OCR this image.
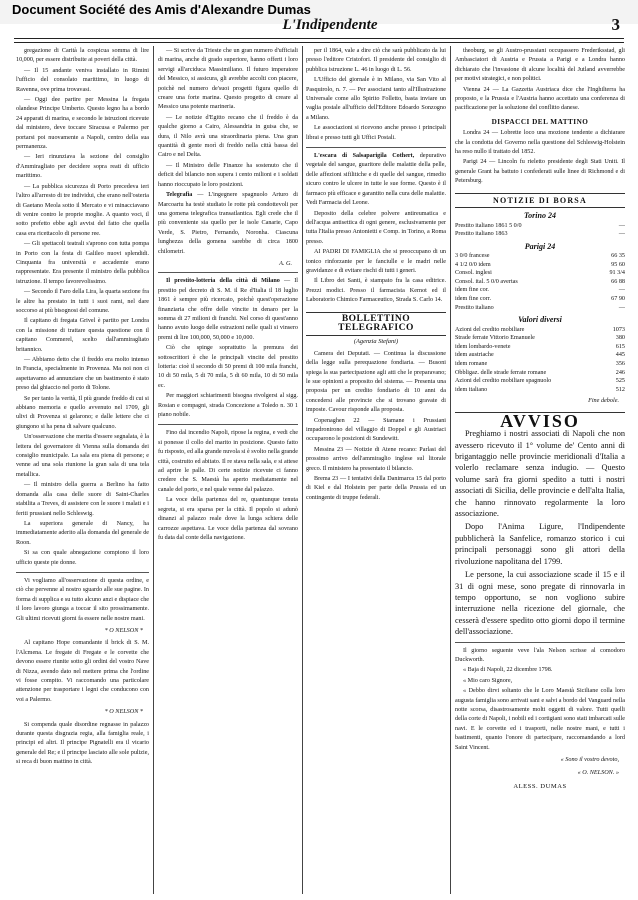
Document Société des Amis d'Alexandre Dumas
L'Indipendente	3

gregazione di Carità la cospicua somma di lire 10,000, per essere distribuite ai poveri della città.

— Il 15 andante veniva installato in Rimini l'ufficio del consolato marittimo, in luogo di Ravenna, ove prima trovavasi.

— Oggi dee partire per Messina la fregata olandese Principe Umberto. Questo legno ha a bordo 24 apparati di marina, e secondo le istruzioni ricevute dal ministero, deve toccare Siracusa e Palermo per portarsi poi nuovamente a Napoli, centro della sua permanenza.

— Ieri rinunziava la sezione del consiglio d'Ammiragliato per decidere sopra reati di ufficio marittimo.

— La pubblica sicurezza di Porto precedeva ieri l'altro all'arresto di tre individui, che erano nell'osteria di Gaetano Meola sotto il Mercato e vi minacciavano di venire contro le proprie moglie. A quanto voci, il sotto prefetto ebbe agli avvisi del fatto che quella casa era ricettacolo di persone ree.

— Gli spettacoli teatrali s'aprono con tutta pompa in Porto con la festa di Galileo nuovi splendidi. Cinquanta fra università e accademie erano rappresentate. Era presente il ministro della pubblica istruzione. Il tempo favorevolissimo.

— Secondo il Faro della Lira, la quarta sezione fra le altre ha prestato in tutti i suoi rami, nel dare soccorso ai più bisognosi del comune.

Il capitano di fregata Grivel è partito per Londra con la missione di trattare questa questione con il capitano Commerel, scelto dall'ammiragliato britannico.

— Abbiamo detto che il freddo era molto intenso in Francia, specialmente in Provenza. Ma noi non ci aspettavamo ad annunziare che un bastimento è stato preso dal ghiaccio nel porto di Tolone.

Se per tanto la verità, Il più grande freddo di cui si abbiano memoria e quello avvenuto nel 1709, gli ulivi di Provenza si gelarono; e dalle lettere che ci giungono si ha pena di salvare qualcuno.

Un'osservazione che merita d'essere segnalata, è la lettera del governatore di Vienna sulla domanda dei consiglio municipale. La sala era piena di persone; e venne ad una sola riunione la gran sala di una tela metallica.

— Il ministro della guerra a Berlino ha fatto domanda alla casa delle suore di Saint-Charles stabilita a Treves, di assistere con le suore i malati e i feriti prussiani nello Schleswig.

La superiora generale di Nancy, ha immediatamente aderito alla domanda del generale de Roon.

Si sa con quale abnegazione compiono il loro ufficio queste pie donne.

Vi vogliamo all'osservazione di questa ordine, e ciò che pervenne al nostro sguardo alle sue pagine. In forma di supplica e su tutto alcuno anzi e dispiace che il loro lavoro giunga a toccar il sito prossimamente. Gli ultimi ricevuti giorni fa essere nelle nostre mani.

* O NELSON *

Al capitano Hope comandante il brick di S. M. l'Alcmena. Le fregate di Fregate e le corvette che devono essere riunite sotto gli ordini del vostro Nave di Nizza, avendo dato nel mettere prima che l'ordine vi fosse compito. Vi raccomando una particolare attenzione per trasportare i legni che conducono con voi a Palermo.

* O NELSON *

Si compenda quale disordine regnasse in palazzo durante questa disgrazia regia, alla famiglia reale, i principi ed altri. Il principe Pignatelli era il vicario generale del Re; e il principe lasciato alle sole pulizie, si reca di buon mattino in città.

— Si scrive da Trieste che un gran numero d'ufficiali di marina, anche di grado superiore, hanno offerti i loro servigi all'arciduca Massimiliano. Il futuro imperatore del Messico, si assicura, gli avrebbe accolti con piacere, poichè nel numero de'suoi progetti figura quello di creare una forte marina. Questo progetto di creare al Messico una potente marineria.

— Le notizie d'Egitto recano che il freddo è da qualche giorno a Cairo, Alessandria in guisa che, se dura, il Nilo avrà una straordinaria piena. Una gran quantità di gente morì di freddo nella città bassa del Cairo e nel Delta.

— Il Ministro delle Finanze ha sostenuto che il deficit del bilancio non supera i cento milioni e i soldati hanno rioccupato le loro posizioni.

Telegrafia — L'ingegnere spagnuolo Arturo di Marcoartu ha testè studiato le rotte più condottevoli per una gomena telegrafica transatlantica. Egli crede che il più conveniente sia quello per le isole Canarie, Capo Verde, S. Pietro, Fernando, Noronha. Ciascuna lunghezza della gomena sarebbe di circa 1800 chilometri.

A. G.

Il prestito-lotteria della città di Milano — Il prestito pel decreto di S. M. il Re d'Italia il 18 luglio 1861 è sempre più ricercato, poichè quest'operazione finanziaria che offre delle vincite in denaro per la somma di 27 milioni di franchi. Nel corso di quest'anno hanno avuto luogo delle estrazioni nelle quali si vinsero premi di lire 100,000, 50,000 e 10,000.

Ciò che spinge soprattutto la premura dei sottoscrittori è che le principali vincite del prestito lotteria: cioè il secondo di 50 premi di 100 mila franchi, 10 di 50 mila, 5 di 70 mila, 5 di 60 mila, 10 di 50 mila ec.

Per maggiori schiarimenti bisogna rivolgersi al sigg. Rosian e compagni, strada Concezione a Toledo n. 30 1 piano nobile.

Fino dal incendio Napoli, ripose la regina, e vedi che si ponesse il collo del marito in posizione. Questo fatto fu risposto, ed alla grande nuvola si è svolto nella grande città, costruito ed abitato. Il re stava nella sala, e si attese ad aprire le palle. Di certe notizie ricevute ci fanno credere che S. Maestà ha aperto mediatamente nel canale del porto, e nel quale venne dal palazzo.

La voce della partenza del re, quantunque tenuta segreta, si era sparsa per la città. Il popolo si adunò dinanzi al palazzo reale dove la lunga schiera delle carrozze aspettava. Le voce della partenza dal sovrano fu data dal conte della navigazione.

per il 1864, vale a dire ciò che sarà pubblicato da lui presso l'editore Cristofori. Il presidente del consiglio di pubblica istruzione L. 46 in luogo di L. 56.

L'Ufficio del giornale è in Milano, via San Vito al Pasquirolo, n. 7. — Per associarsi tanto all'Illustrazione Universale come allo Spirito Folletto, basta inviare un vaglia postale all'ufficio dell'Editore Edoardo Sonzogno a Milano.

Le associazioni si ricevono anche presso i principali librai e presso tutti gli Uffici Postali.

L'escara di Salsaparigila Cothert, depurativo vegetale del sangue, guaritore delle malattie della pelle, delle affezioni sifilitiche e di quelle del sangue, rimedio sicuro contro le ulcere in tutte le sue forme. Questo è il farmaco più efficace e garantito nella cura delle malattie. Vedi Farmacia del Leone.

Deposito della celebre polvere antireumatica e dell'acqua antisettica di ogni genere, esclusivamente per tutta l'Italia presso Antonietti e Comp. in Torino, a Roma presso.

AI PADRI DI FAMIGLIA che si preoccupano di un tonico rinforzante per le fanciulle e le madri nelle gravidanze e di evitare rischi di tutti i generi.

Il Libro dei Santi, è stampato fra la casa editrice. Prezzi modici. Presso il farmacista Kernot ed il Laboratorio Chimico Farmaceutico, Strada S. Carlo 14.

BOLLETTINO TELEGRAFICO
(Agenzia Stefani)

Camera dei Deputati. — Continua la discussione della legge sulla perequazione fondiaria. — Busoni spiega la sua partecipazione agli atti che le preparavano; le sue opinioni a proposito del sistema. — Presenta una proposta per un credito fondiario di 10 anni da concedersi alle provincie che si trovano gravate di imposte. Cavour risponde alla proposta.

Copenaghen 22 — Stamane i Prussiani impadronirono del villaggio di Doppel e gli Austriaci occuparono le posizioni di Sundewitt.

Messina 23 — Notizie di Atene recano: Parlasi del prossimo arrivo dell'ammiraglio inglese sul litorale greco. Il ministero ha presentato il bilancio.

Brema 23 — I tentativi della Danimarca 15 dal porto di Kiel e dal Holstein per parte della Prussia ed un contingente di truppe federali.

theoburg, se gli Austro-prussiani occupassero Frederiksstad, gli Ambasciatori di Austria e Prussia a Parigi e a Londra hanno dichiarato che l'invasione di alcune località del Jutland avverrebbe per motivi strategici, e non politici.

Vienna 24 — La Gazzetta Austriaca dice che l'Inghilterra ha proposto, e la Prussia e l'Austria hanno accettato una conferenza di pacificazione per la soluzione del conflitto danese.

DISPACCI DEL MATTINO

Londra 24 — Lobrette loco una mozione tendente a dichiarare che la condotta del Governo nella questione del Schleswig-Holstein ha reso nullo il trattato del 1852.

Parigi 24 — Lincoln fu rieletto presidente degli Stati Uniti. Il generale Grant ha battuto i confederati sulle linee di Richmond e di Petersburg.

NOTIZIE DI BORSA
Torino 24
Prestito italiano 1861 5 0/0	—
Prestito italiano 1863	—
Parigi 24
3 0/0 francese	66 35
4 1/2 0/0 idem	95 60
Consol. inglesi	91 3/4
Consol. ital. 5 0/0 avertas	66 88
idem fine cor.	—
idem fine corr.	67 90
Prestito italiano	—
Valori diversi
Azioni del credito mobiliare	1073
Strade ferrate Vittorio Emanuele	380
idem lombardo-venete	615
idem austriache	445
idem romane	356
Obbligaz. delle strade ferrate romane	246
Azioni del credito mobiliare spagnuolo	525
idem italiano	512
Fine debole.
AVVISO

Preghiamo i nostri associati di Napoli che non avessero ricevuto il 1° volume de' Cento anni di brigantaggio nelle provincie meridionali d'Italia a volerlo reclamare senza indugio. — Questo volume sarà fra giorni spedito a tutti i nostri associati di Sicilia, delle provincie e dell'alta Italia, che hanno rinnovato regolarmente la loro associazione.

Dopo l'Anima Ligure, l'Indipendente pubblicherà la Sanfelice, romanzo storico i cui principali personaggi sono gli attori della rivoluzione napolitana del 1799.

Le persone, la cui associazione scade il 15 e il 31 di ogni mese, sono pregate di rinnovarla in tempo opportuno, se non vogliono subire interruzione nella ricezione del giornale, che cesserà d'essere spedito otto giorni dopo il termine dell'associazione.

Il giorno seguente veve l'ala Nelson scrisse al comodoro Duckworth.

« Baja di Napoli, 22 dicembre 1798.

« Mio caro Signore,

« Debbo dirvi soltanto che le Loro Maestà Siciliane colla loro augusta famiglia sono arrivati sani e salvi a bordo del Vanguard nella notte scorsa, disastrosamente molti oggetti di valore. Tutti quelli della corte di Napoli, i nobili ed i cortigiani sono stati imbarcati sulle navi. E le corvette ed i trasporti, nelle nostre mani, e tutti i bastimenti, quanto l'onore di partecipare, raccomandando a lord Saint Vincent.

« Sono il vostro devoto,
« O. NELSON. »
ALESS. DUMAS
